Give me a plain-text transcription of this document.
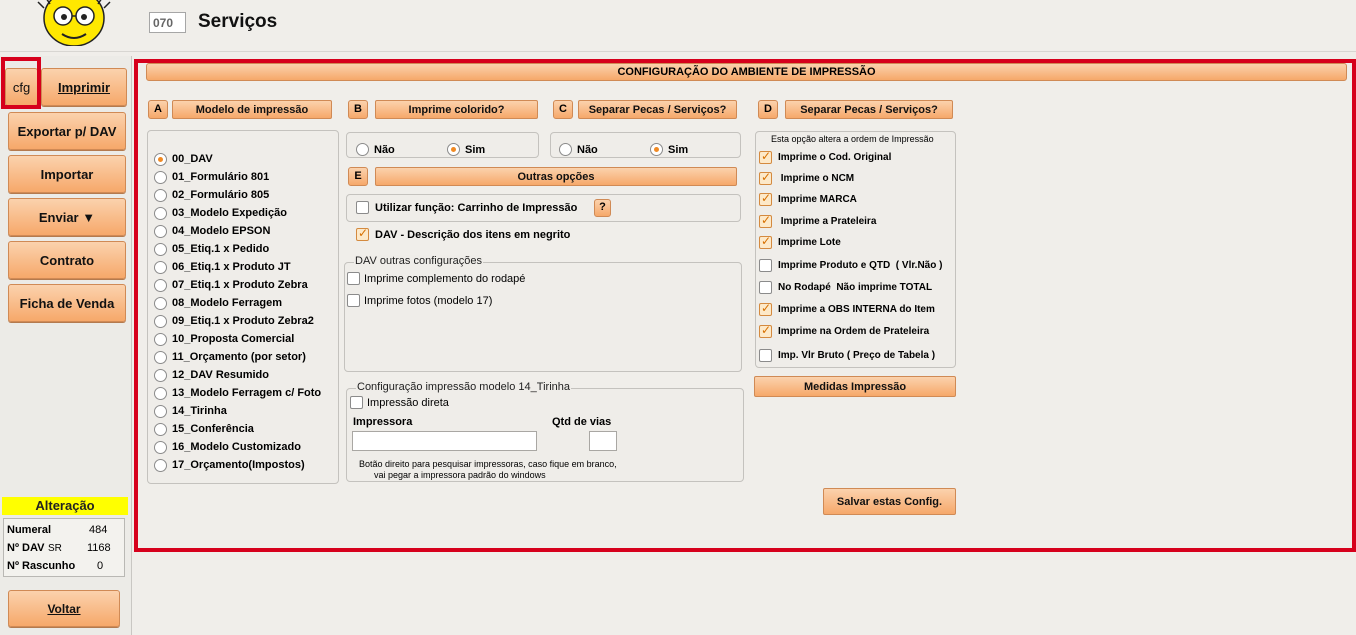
070	Serviços
cfg	Imprimir
Exportar p/ DAV
Importar
Enviar ▼
Contrato
Ficha de Venda
Alteração
Numeral	484
Nº DAV SR 1168
Nº Rascunho 0
Voltar
CONFIGURAÇÃO DO AMBIENTE DE IMPRESSÃO
A	Modelo de impressão	B	Imprime colorido?	C	Separar Pecas / Serviços?	D	Separar Pecas / Serviços?
00_DAV
01_Formulário 801
02_Formulário 805
03_Modelo Expedição
04_Modelo EPSON
05_Etiq.1 x Pedido
06_Etiq.1 x Produto JT
07_Etiq.1 x Produto Zebra
08_Modelo Ferragem
09_Etiq.1 x Produto Zebra2
10_Proposta Comercial
11_Orçamento (por setor)
12_DAV Resumido
13_Modelo Ferragem c/ Foto
14_Tirinha
15_Conferência
16_Modelo Customizado
17_Orçamento(Impostos)
Não	Sim	Não	Sim
E	Outras opções
Utilizar função: Carrinho de Impressão	?
✓
DAV - Descrição dos itens em negrito
DAV outras configurações
Imprime complemento do rodapé
Imprime fotos (modelo 17)
Configuração impressão modelo 14_Tirinha
Impressão direta
Impressora	Qtd de vias
Botão direito para pesquisar impressoras, caso fique em branco,
vai pegar a impressora padrão do windows
Esta opção altera a ordem de Impressão
✓
Imprime o Cod. Original
✓
Imprime o NCM
✓
Imprime MARCA
✓
Imprime a Prateleira
✓
Imprime Lote
Imprime Produto e QTD  ( Vlr.Não )
No Rodapé  Não imprime TOTAL
✓
Imprime a OBS INTERNA do Item
✓
Imprime na Ordem de Prateleira
Imp. Vlr Bruto ( Preço de Tabela )
Medidas Impressão
Salvar estas Config.
